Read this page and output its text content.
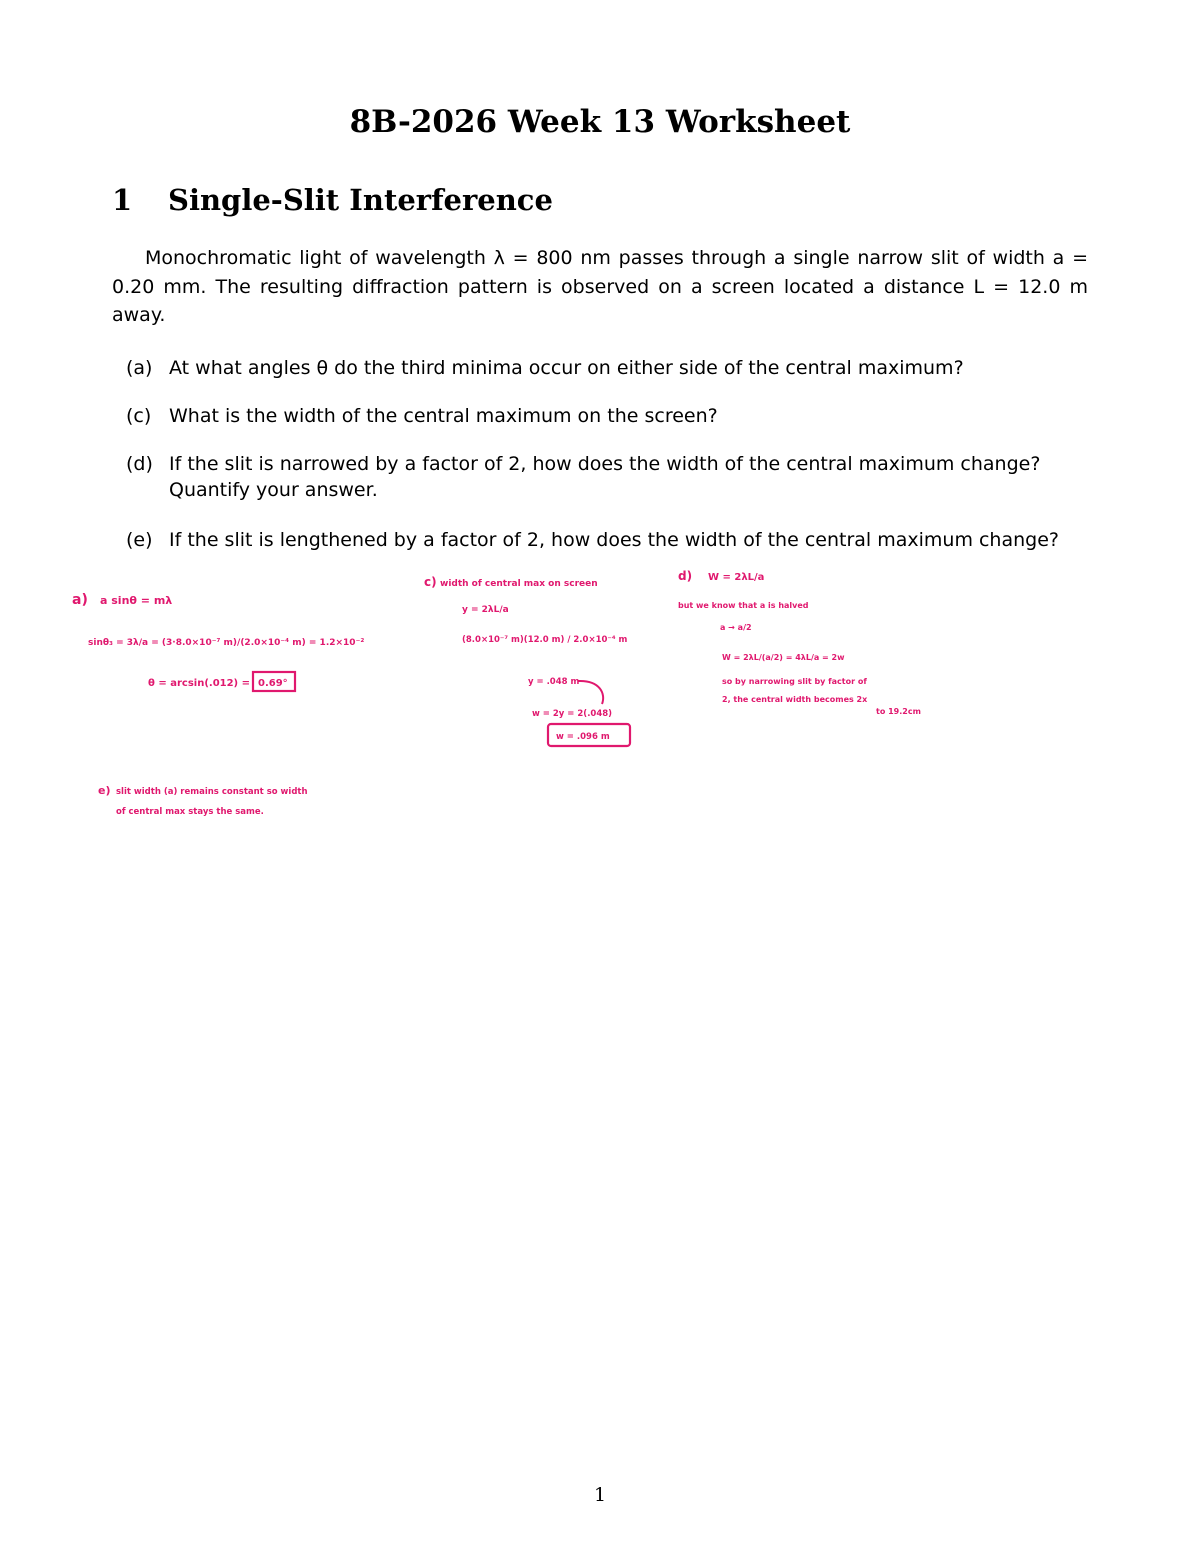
8B-2026 Week 13 Worksheet
1 Single-Slit Interference
Monochromatic light of wavelength λ = 800 nm passes through a single narrow slit of width a = 0.20 mm. The resulting diffraction pattern is observed on a screen located a distance L = 12.0 m away.
(a) At what angles θ do the third minima occur on either side of the central maximum?
(c) What is the width of the central maximum on the screen?
(d) If the slit is narrowed by a factor of 2, how does the width of the central maximum change? Quantify your answer.
(e) If the slit is lengthened by a factor of 2, how does the width of the central maximum change?
a) a sinθ = mλ
sinθ₃ = 3λ/a = (3·8.0×10⁻⁷ m)/(2.0×10⁻⁴ m) = 1.2×10⁻²
θ = arcsin(.012) = 0.69°
c) width of central max on screen
y = 2λL/a
(8.0×10⁻⁷ m)(12.0 m) / 2.0×10⁻⁴ m
y = .048 m
w = 2y = 2(.048)
w = .096 m
d) W = 2λL/a
but we know that a is halved
a → a/2
W = 2λL/(a/2) = 4λL/a = 2w
so by narrowing slit by factor of
2, the central width becomes 2x
to 19.2cm
e) slit width (a) remains constant so width
of central max stays the same.
1
